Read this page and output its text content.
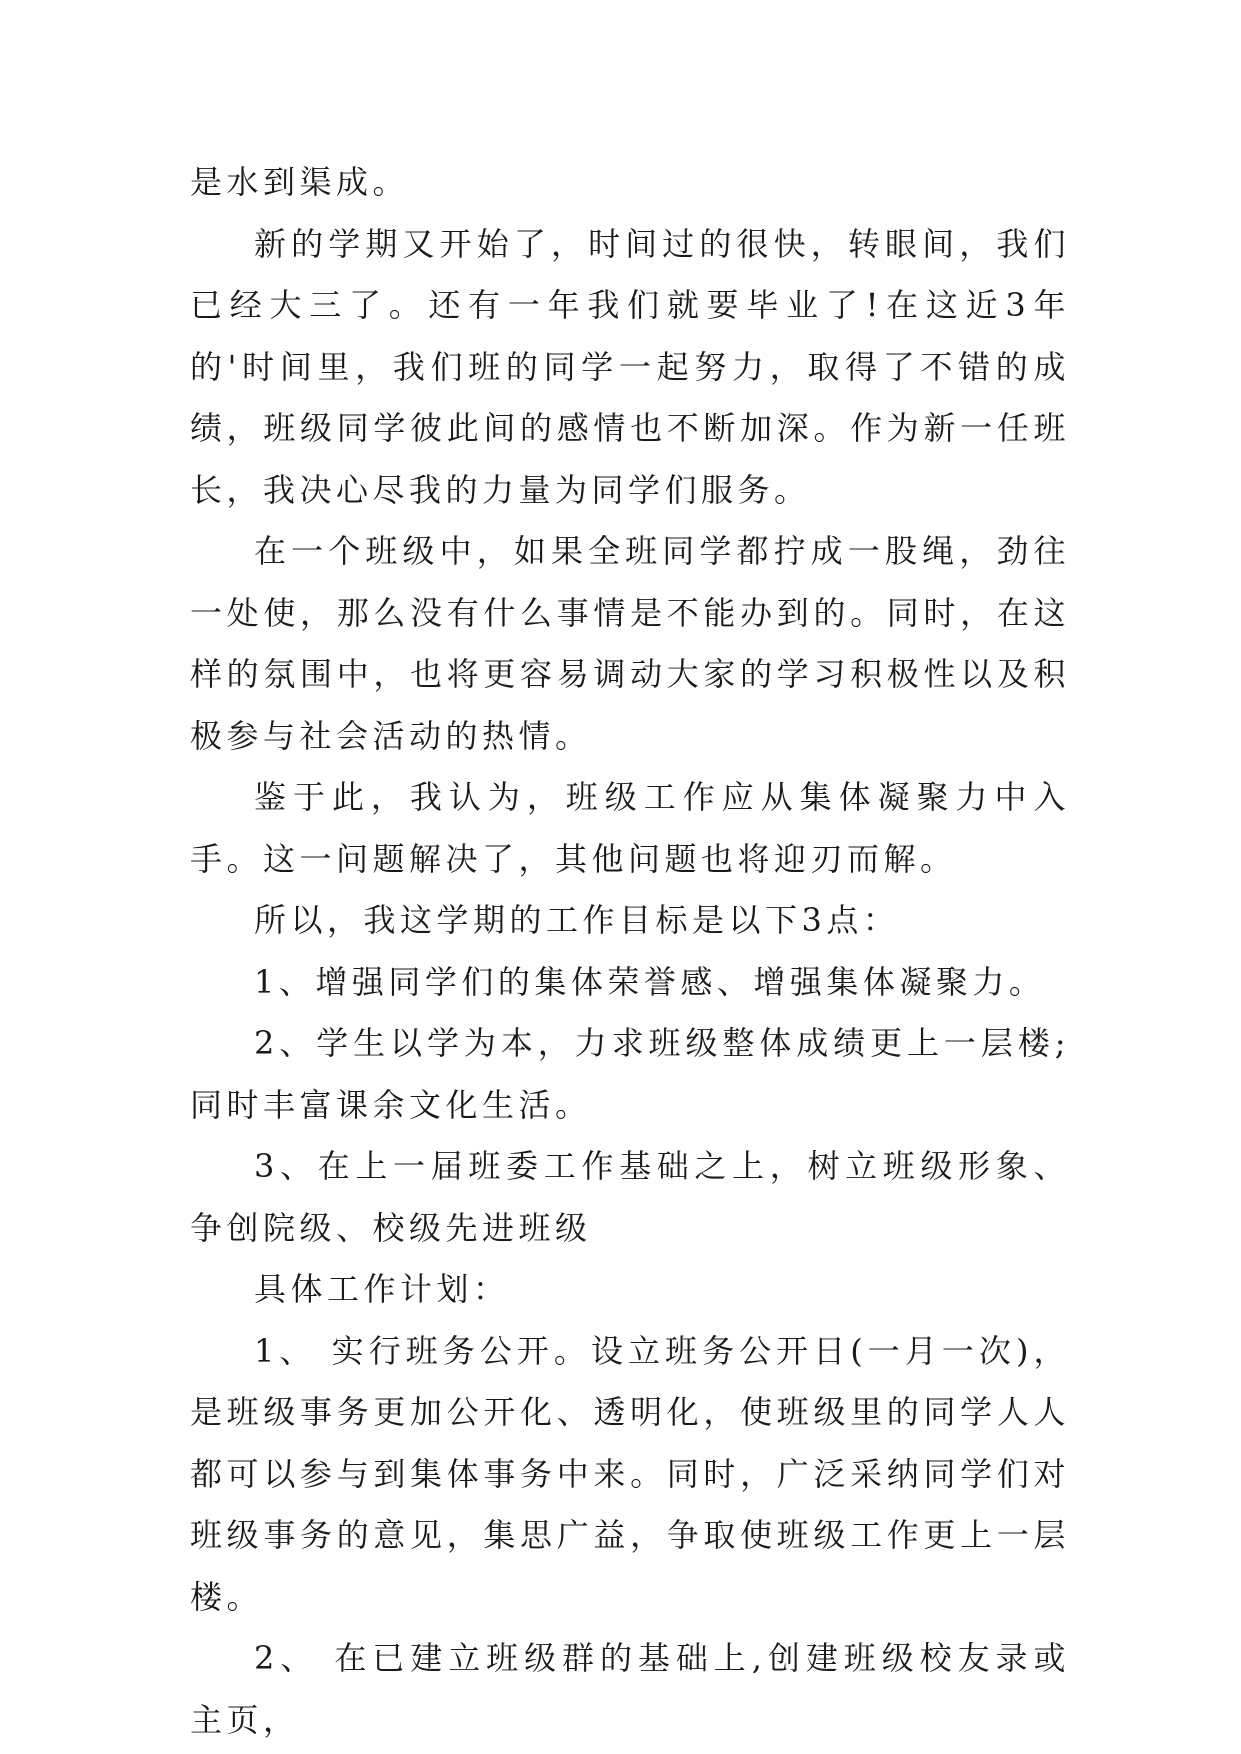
是水到渠成。

新的学期又开始了，时间过的很快，转眼间，我们已经大三了。还有一年我们就要毕业了!在这近3年的'时间里，我们班的同学一起努力，取得了不错的成绩，班级同学彼此间的感情也不断加深。作为新一任班长，我决心尽我的力量为同学们服务。

在一个班级中，如果全班同学都拧成一股绳，劲往一处使，那么没有什么事情是不能办到的。同时，在这样的氛围中，也将更容易调动大家的学习积极性以及积极参与社会活动的热情。

鉴于此，我认为，班级工作应从集体凝聚力中入手。这一问题解决了，其他问题也将迎刃而解。

所以，我这学期的工作目标是以下3点：

1、增强同学们的集体荣誉感、增强集体凝聚力。

2、学生以学为本，力求班级整体成绩更上一层楼;同时丰富课余文化生活。

3、在上一届班委工作基础之上，树立班级形象、争创院级、校级先进班级

具体工作计划：

1、 实行班务公开。设立班务公开日(一月一次)，是班级事务更加公开化、透明化，使班级里的同学人人都可以参与到集体事务中来。同时，广泛采纳同学们对班级事务的意见，集思广益，争取使班级工作更上一层楼。

2、 在已建立班级群的基础上,创建班级校友录或主页，
